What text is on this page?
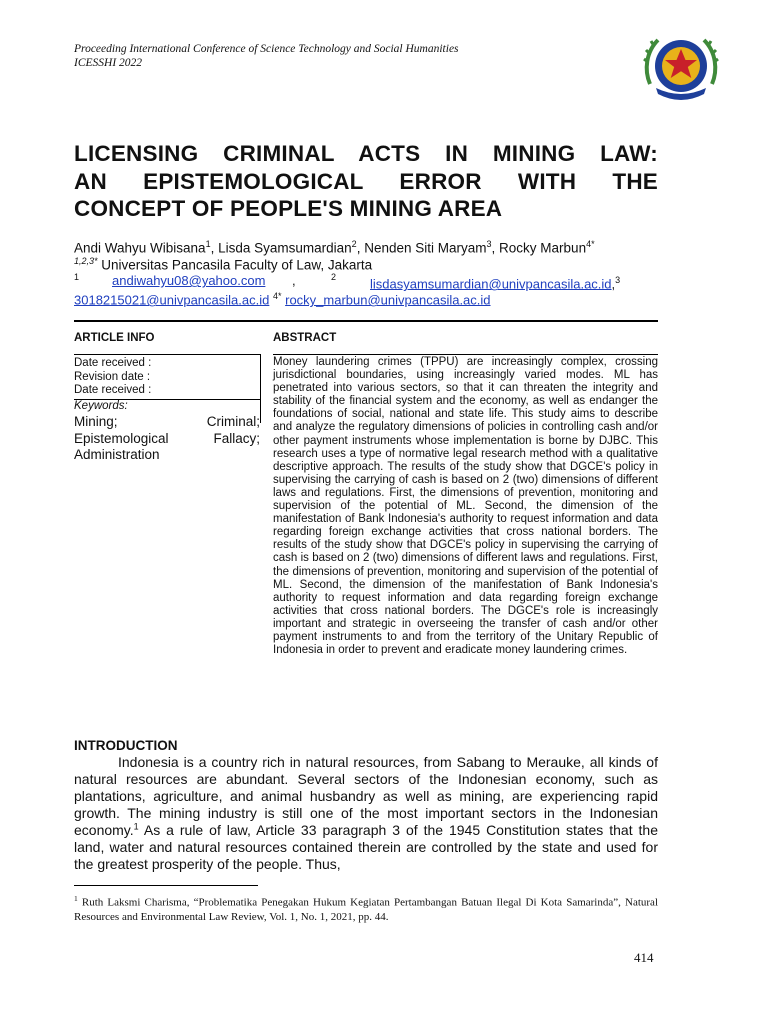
Proceeding International Conference of Science Technology and Social Humanities
ICESSHI 2022
LICENSING CRIMINAL ACTS IN MINING LAW:
AN EPISTEMOLOGICAL ERROR WITH THE
CONCEPT OF PEOPLE'S MINING AREA
Andi Wahyu Wibisana$^1$, Lisda Syamsumardian$^2$, Nenden Siti Maryam$^3$, Rocky Marbun$^{4*}$
$^{1,2,3*}$ Universitas Pancasila Faculty of Law, Jakarta
$^1$	andiwahyu08@yahoo.com ,	2	lisdasyamsumardian@univpancasila.ac.id,$^3$
3018215021@univpancasila.ac.id $^{4*}$ rocky_marbun@univpancasila.ac.id
ARTICLE INFO	ABSTRACT
Date received :
Revision date :
Date received :
Keywords:
Mining; Criminal;
Epistemological Fallacy;
Administration
Money laundering crimes (TPPU) are increasingly complex, crossing jurisdictional boundaries, using increasingly varied modes. ML has penetrated into various sectors, so that it can threaten the integrity and stability of the financial system and the economy, as well as endanger the foundations of social, national and state life. This study aims to describe and analyze the regulatory dimensions of policies in controlling cash and/or other payment instruments whose implementation is borne by DJBC. This research uses a type of normative legal research method with a qualitative descriptive approach. The results of the study show that DGCE's policy in supervising the carrying of cash is based on 2 (two) dimensions of different laws and regulations. First, the dimensions of prevention, monitoring and supervision of the potential of ML. Second, the dimension of the manifestation of Bank Indonesia's authority to request information and data regarding foreign exchange activities that cross national borders. The results of the study show that DGCE's policy in supervising the carrying of cash is based on 2 (two) dimensions of different laws and regulations. First, the dimensions of prevention, monitoring and supervision of the potential of ML. Second, the dimension of the manifestation of Bank Indonesia's authority to request information and data regarding foreign exchange activities that cross national borders. The DGCE's role is increasingly important and strategic in overseeing the transfer of cash and/or other payment instruments to and from the territory of the Unitary Republic of Indonesia in order to prevent and eradicate money laundering crimes.
INTRODUCTION
Indonesia is a country rich in natural resources, from Sabang to Merauke, all kinds of natural resources are abundant. Several sectors of the Indonesian economy, such as plantations, agriculture, and animal husbandry as well as mining, are experiencing rapid growth. The mining industry is still one of the most important sectors in the Indonesian economy.$^1$ As a rule of law, Article 33 paragraph 3 of the 1945 Constitution states that the land, water and natural resources contained therein are controlled by the state and used for the greatest prosperity of the people. Thus,
$^1$ Ruth Laksmi Charisma, “Problematika Penegakan Hukum Kegiatan Pertambangan Batuan Ilegal Di Kota Samarinda”, Natural Resources and Environmental Law Review, Vol. 1, No. 1, 2021, pp. 44.
414
